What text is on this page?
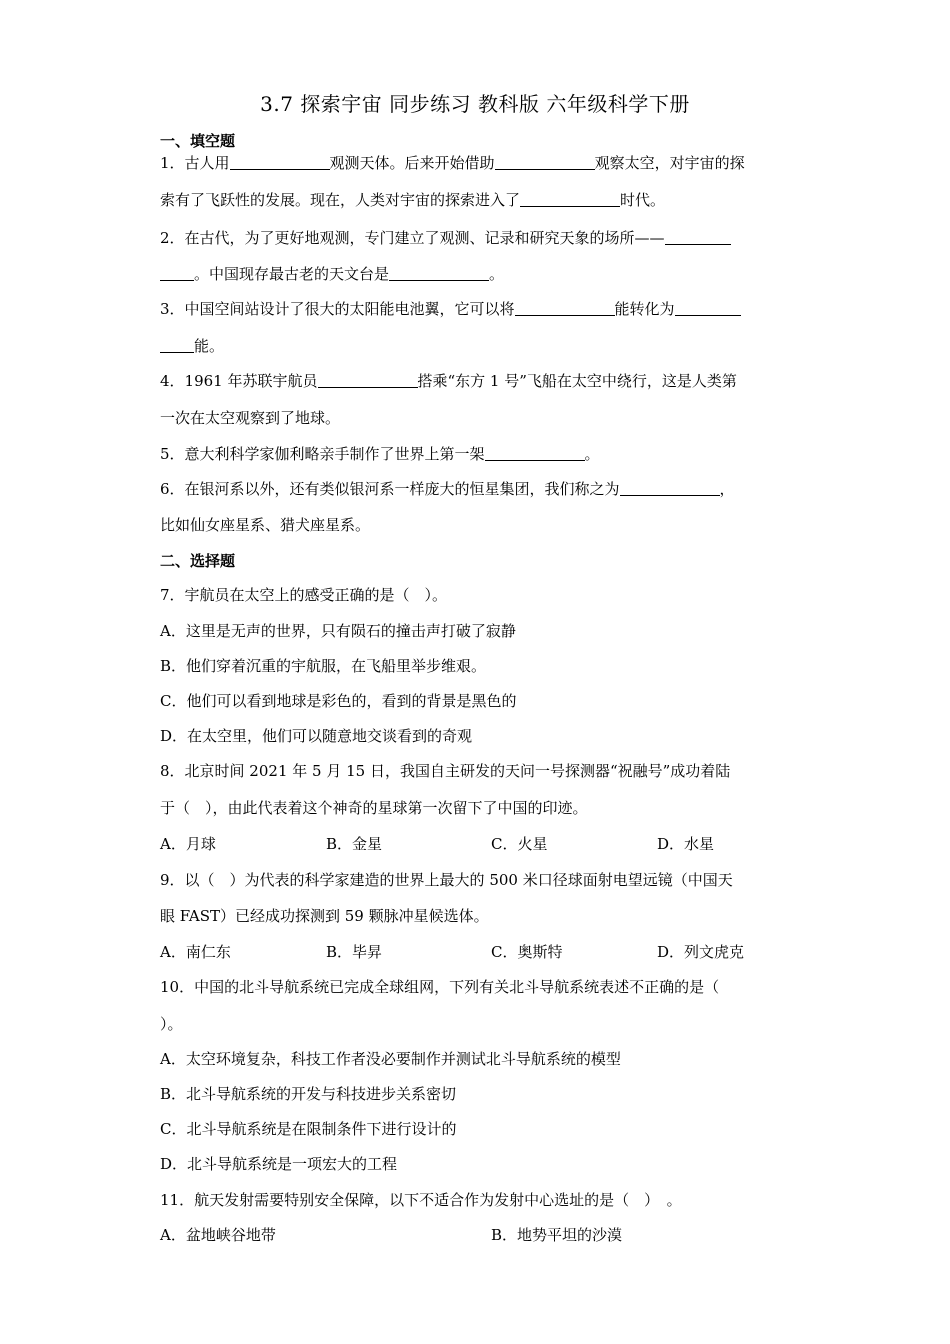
3.7 探索宇宙 同步练习 教科版 六年级科学下册
一、填空题
1．古人用	观测天体。后来开始借助	观察太空，对宇宙的探
索有了飞跃性的发展。现在，人类对宇宙的探索进入了	时代。
2．在古代，为了更好地观测，专门建立了观测、记录和研究天象的场所——
。中国现存最古老的天文台是	。
3．中国空间站设计了很大的太阳能电池翼，它可以将	能转化为
能。
4．1961 年苏联宇航员	搭乘“东方 1 号”飞船在太空中绕行，这是人类第
一次在太空观察到了地球。
5．意大利科学家伽利略亲手制作了世界上第一架	。
6．在银河系以外，还有类似银河系一样庞大的恒星集团，我们称之为	，
比如仙女座星系、猎犬座星系。
二、选择题
7．宇航员在太空上的感受正确的是（　）。
A．这里是无声的世界，只有陨石的撞击声打破了寂静
B．他们穿着沉重的宇航服，在飞船里举步维艰。
C．他们可以看到地球是彩色的，看到的背景是黑色的
D．在太空里，他们可以随意地交谈看到的奇观
8．北京时间 2021 年 5 月 15 日，我国自主研发的天问一号探测器“祝融号”成功着陆
于（　），由此代表着这个神奇的星球第一次留下了中国的印迹。
A．月球	B．金星	C．火星	D．水星
9．以（　）为代表的科学家建造的世界上最大的 500 米口径球面射电望远镜（中国天
眼 FAST）已经成功探测到 59 颗脉冲星候选体。
A．南仁东	B．毕昇	C．奥斯特	D．列文虎克
10．中国的北斗导航系统已完成全球组网，下列有关北斗导航系统表述不正确的是（
）。
A．太空环境复杂，科技工作者没必要制作并测试北斗导航系统的模型
B．北斗导航系统的开发与科技进步关系密切
C．北斗导航系统是在限制条件下进行设计的
D．北斗导航系统是一项宏大的工程
11．航天发射需要特别安全保障，以下不适合作为发射中心选址的是（　）　。
A．盆地峡谷地带	B．地势平坦的沙漠
